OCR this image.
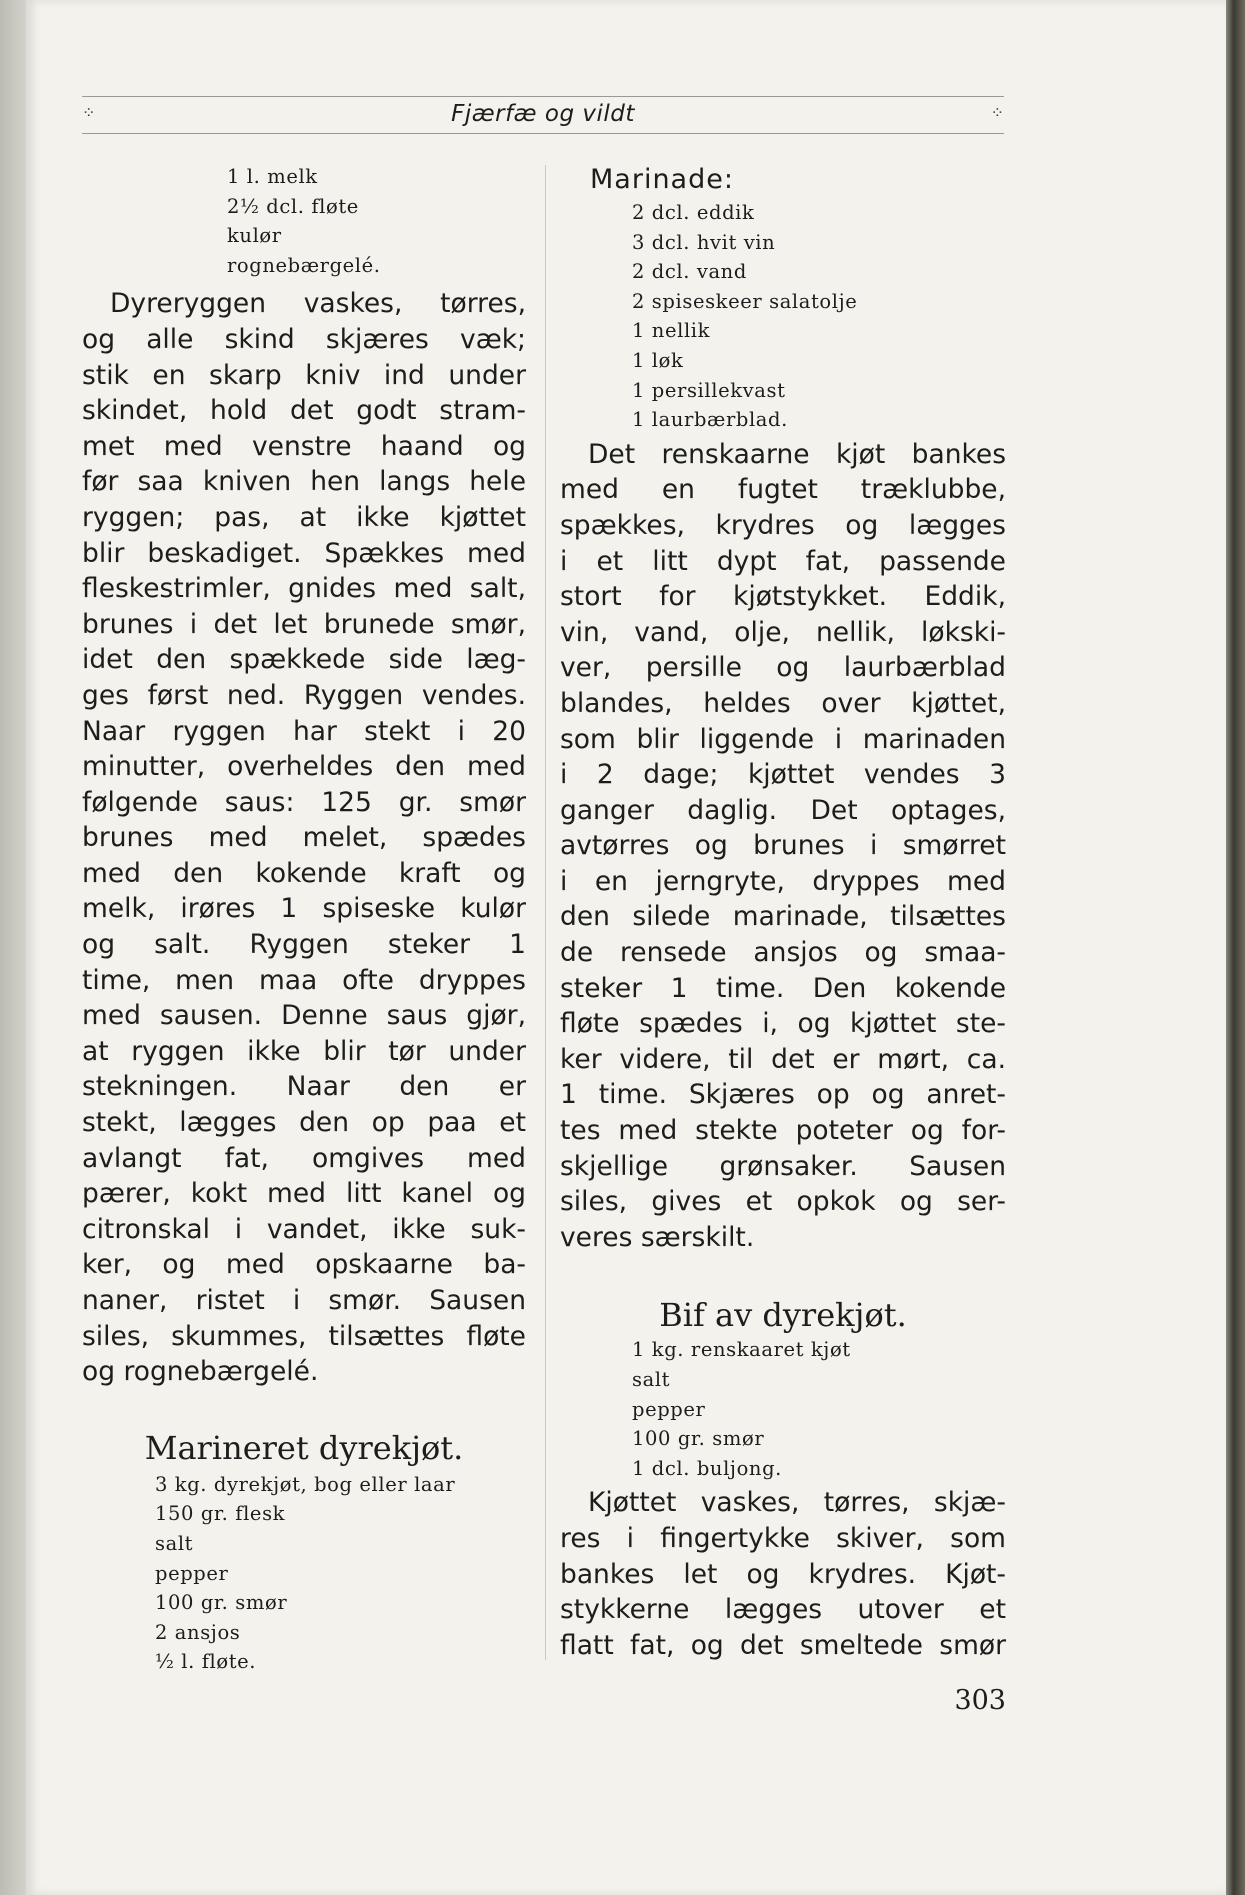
⁘	Fjærfæ og vildt	⁘
1 l. melk
2½ dcl. fløte
kulør
rognebærgelé.

Dyreryggen vaskes, tørres,
og alle skind skjæres væk;
stik en skarp kniv ind under
skindet, hold det godt stram-
met med venstre haand og
før saa kniven hen langs hele
ryggen; pas, at ikke kjøttet
blir beskadiget. Spækkes med
fleskestrimler, gnides med salt,
brunes i det let brunede smør,
idet den spækkede side læg-
ges først ned. Ryggen vendes.
Naar ryggen har stekt i 20
minutter, overheldes den med
følgende saus: 125 gr. smør
brunes med melet, spædes
med den kokende kraft og
melk, irøres 1 spiseske kulør
og salt. Ryggen steker 1
time, men maa ofte dryppes
med sausen. Denne saus gjør,
at ryggen ikke blir tør under
stekningen. Naar den er
stekt, lægges den op paa et
avlangt fat, omgives med
pærer, kokt med litt kanel og
citronskal i vandet, ikke suk-
ker, og med opskaarne ba-
naner, ristet i smør. Sausen
siles, skummes, tilsættes fløte
og rognebærgelé.

Marineret dyrekjøt.

3 kg. dyrekjøt, bog eller laar
150 gr. flesk
salt
pepper
100 gr. smør
2 ansjos
½ l. fløte.
Marinade:
2 dcl. eddik
3 dcl. hvit vin
2 dcl. vand
2 spiseskeer salatolje
1 nellik
1 løk
1 persillekvast
1 laurbærblad.

Det renskaarne kjøt bankes
med en fugtet træklubbe,
spækkes, krydres og lægges
i et litt dypt fat, passende
stort for kjøtstykket. Eddik,
vin, vand, olje, nellik, løkski-
ver, persille og laurbærblad
blandes, heldes over kjøttet,
som blir liggende i marinaden
i 2 dage; kjøttet vendes 3
ganger daglig. Det optages,
avtørres og brunes i smørret
i en jerngryte, dryppes med
den silede marinade, tilsættes
de rensede ansjos og smaa-
steker 1 time. Den kokende
fløte spædes i, og kjøttet ste-
ker videre, til det er mørt, ca.
1 time. Skjæres op og anret-
tes med stekte poteter og for-
skjellige grønsaker. Sausen
siles, gives et opkok og ser-
veres særskilt.

Bif av dyrekjøt.

1 kg. renskaaret kjøt
salt
pepper
100 gr. smør
1 dcl. buljong.

Kjøttet vaskes, tørres, skjæ-
res i fingertykke skiver, som
bankes let og krydres. Kjøt-
stykkerne lægges utover et
flatt fat, og det smeltede smør

303
